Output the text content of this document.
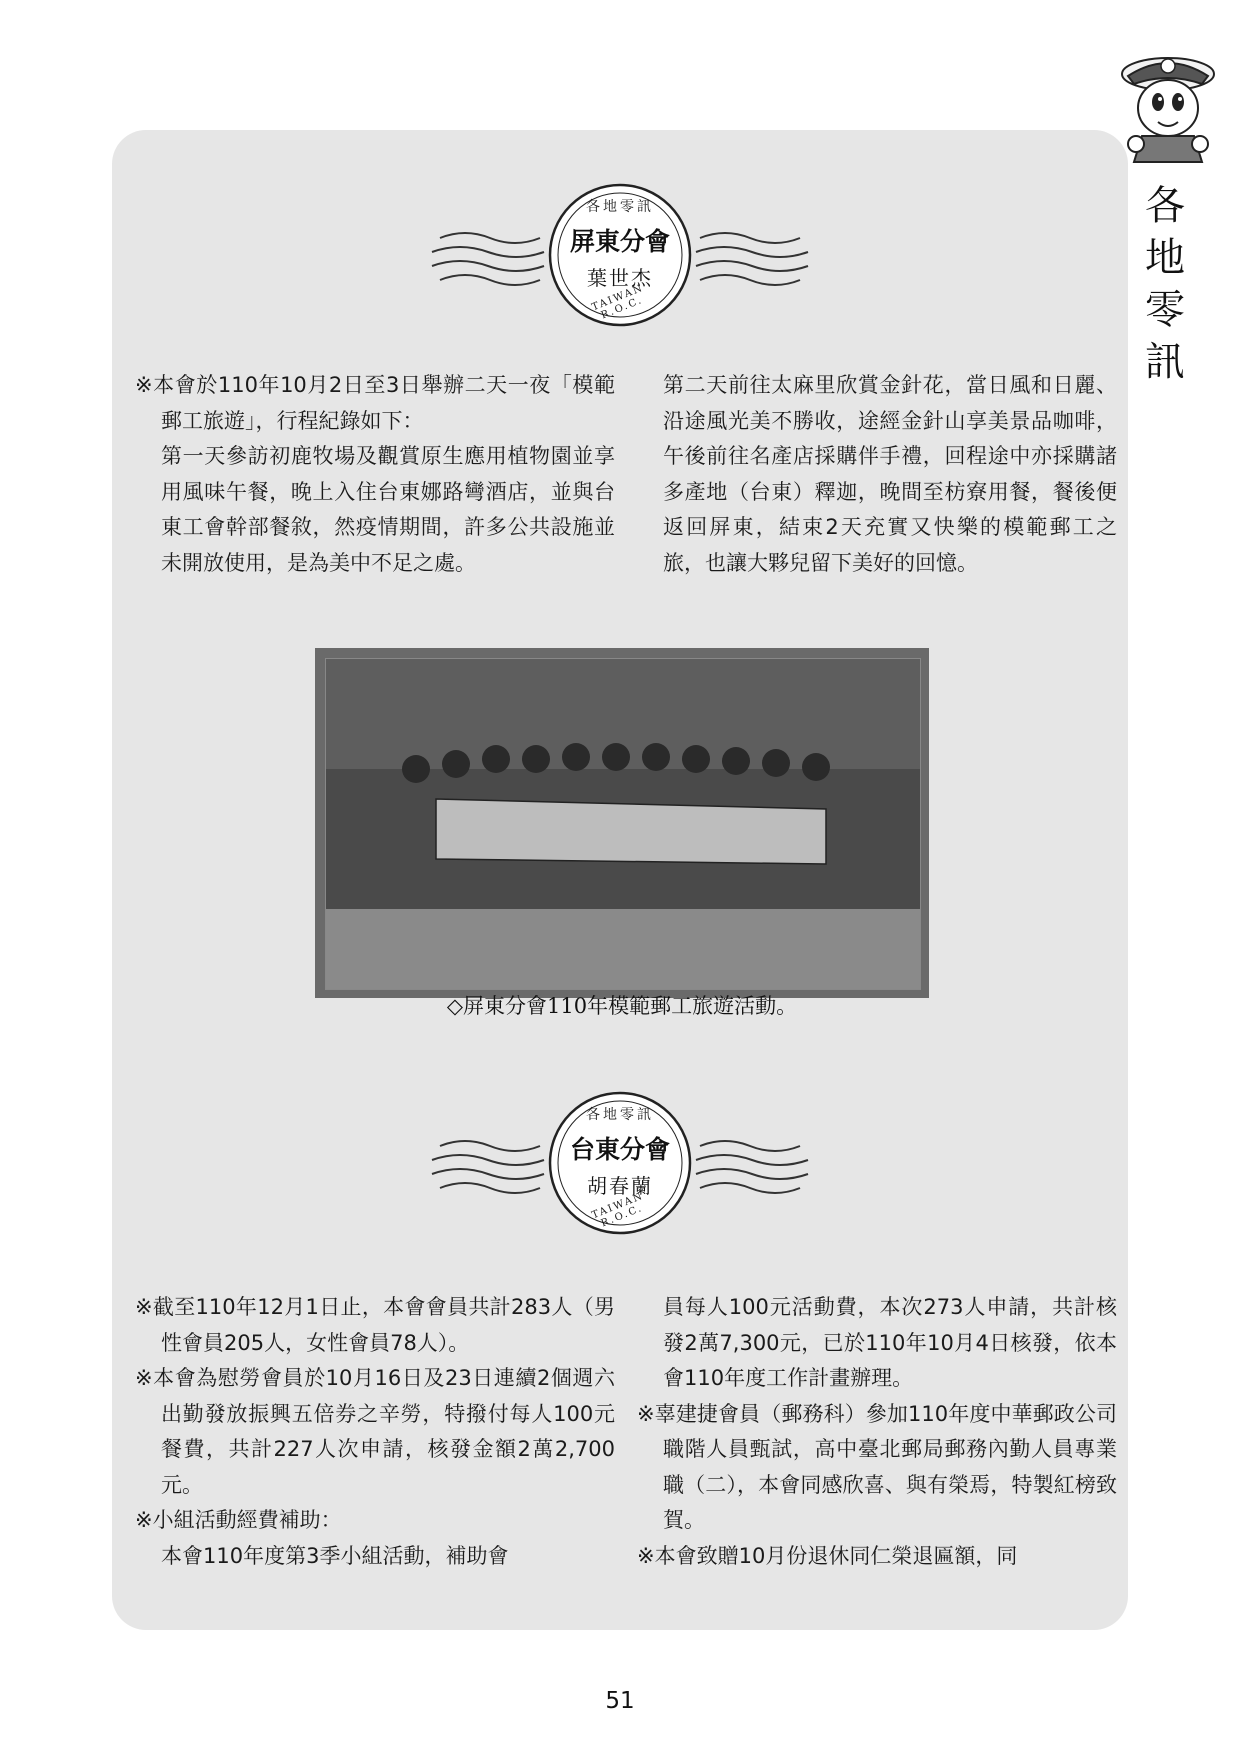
各
地
零
訊
各地零訊
屏東分會
葉世杰
TAIWAN R.O.C.

※本會於110年10月2日至3日舉辦二天一夜「模範郵工旅遊」，行程紀錄如下：

第一天參訪初鹿牧場及觀賞原生應用植物園並享用風味午餐，晚上入住台東娜路彎酒店，並與台東工會幹部餐敘，然疫情期間，許多公共設施並未開放使用，是為美中不足之處。

第二天前往太麻里欣賞金針花，當日風和日麗、沿途風光美不勝收，途經金針山享美景品咖啡，午後前往名產店採購伴手禮，回程途中亦採購諸多產地（台東）釋迦，晚間至枋寮用餐，餐後便返回屏東，結束2天充實又快樂的模範郵工之旅，也讓大夥兒留下美好的回憶。

◇屏東分會110年模範郵工旅遊活動。
各地零訊
台東分會
胡春蘭
TAIWAN R.O.C.

※截至110年12月1日止，本會會員共計283人（男性會員205人，女性會員78人）。

※本會為慰勞會員於10月16日及23日連續2個週六出勤發放振興五倍券之辛勞，特撥付每人100元餐費，共計227人次申請，核發金額2萬2,700元。

※小組活動經費補助：

本會110年度第3季小組活動，補助會

員每人100元活動費，本次273人申請，共計核發2萬7,300元，已於110年10月4日核發，依本會110年度工作計畫辦理。

※辜建捷會員（郵務科）參加110年度中華郵政公司職階人員甄試，高中臺北郵局郵務內勤人員專業職（二），本會同感欣喜、與有榮焉，特製紅榜致賀。

※本會致贈10月份退休同仁榮退匾額，同

51
